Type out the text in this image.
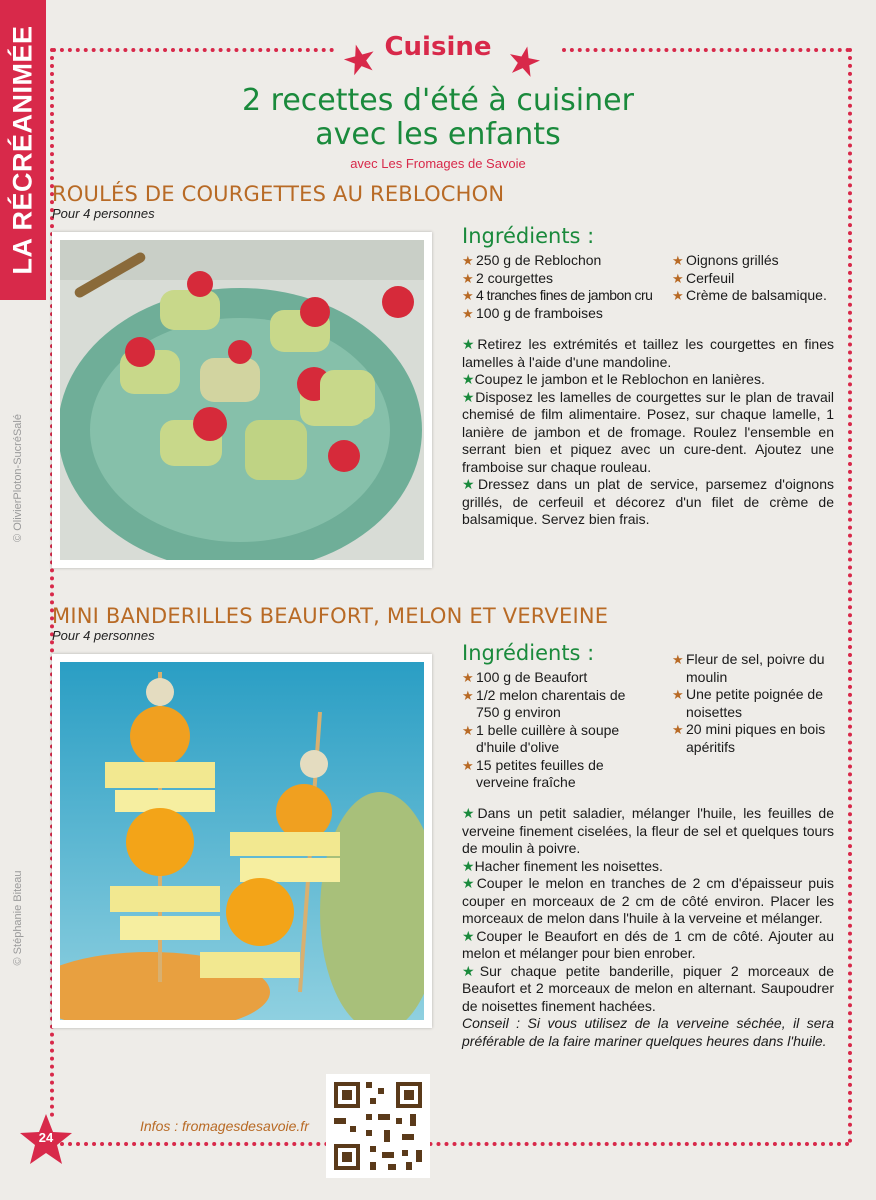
LA RÉCRÉANIMÉE
© OlivierPloton-SucréSalé
© Stéphanie Biteau
★ Cuisine ★
2 recettes d'été à cuisiner
avec les enfants
avec Les Fromages de Savoie
ROULÉS DE COURGETTES AU REBLOCHON
Pour 4 personnes
Ingrédients :
★ 250 g de Reblochon
★ 2 courgettes
★ 4 tranches fines de jambon cru
★ 100 g de framboises
★ Oignons grillés
★ Cerfeuil
★ Crème de balsamique.

★Retirez les extrémités et taillez les courgettes en fines lamelles à l'aide d'une mandoline.

★Coupez le jambon et le Reblochon en lanières.

★Disposez les lamelles de courgettes sur le plan de travail chemisé de film alimentaire. Posez, sur chaque lamelle, 1 lanière de jambon et de fromage. Roulez l'ensemble en serrant bien et piquez avec un cure-dent. Ajoutez une framboise sur chaque rouleau.

★Dressez dans un plat de service, parsemez d'oignons grillés, de cerfeuil et décorez d'un filet de crème de balsamique. Servez bien frais.

MINI BANDERILLES BEAUFORT, MELON ET VERVEINE
Pour 4 personnes
Ingrédients :
★ 100 g de Beaufort
★ 1/2 melon charentais de 750 g environ
★ 1 belle cuillère à soupe d'huile d'olive
★ 15 petites feuilles de verveine fraîche
★ Fleur de sel, poivre du moulin
★ Une petite poignée de noisettes
★ 20 mini piques en bois apéritifs

★Dans un petit saladier, mélanger l'huile, les feuilles de verveine finement ciselées, la fleur de sel et quelques tours de moulin à poivre.

★Hacher finement les noisettes.

★Couper le melon en tranches de 2 cm d'épaisseur puis couper en morceaux de 2 cm de côté environ. Placer les morceaux de melon dans l'huile à la verveine et mélanger.

★Couper le Beaufort en dés de 1 cm de côté. Ajouter au melon et mélanger pour bien enrober.

★Sur chaque petite banderille, piquer 2 morceaux de Beaufort et 2 morceaux de melon en alternant. Saupoudrer de noisettes finement hachées.

Conseil : Si vous utilisez de la verveine séchée, il sera préférable de la faire mariner quelques heures dans l'huile.

24
Infos : fromagesdesavoie.fr
